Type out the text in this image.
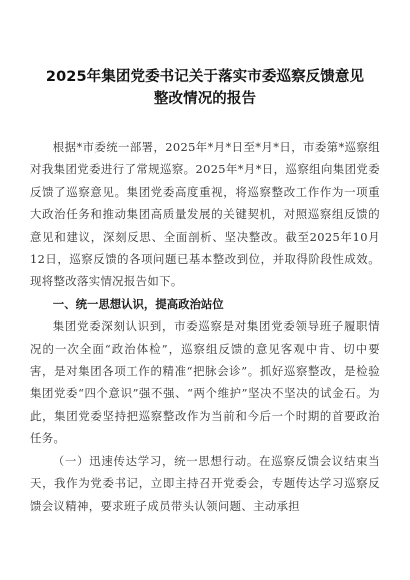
2025年集团党委书记关于落实市委巡察反馈意见
整改情况的报告

根据*市委统一部署，2025年*月*日至*月*日，市委第*巡察组对我集团党委进行了常规巡察。2025年*月*日，巡察组向集团党委反馈了巡察意见。集团党委高度重视，将巡察整改工作作为一项重大政治任务和推动集团高质量发展的关键契机，对照巡察组反馈的意见和建议，深刻反思、全面剖析、坚决整改。截至2025年10月12日，巡察反馈的各项问题已基本整改到位，并取得阶段性成效。现将整改落实情况报告如下。

一、统一思想认识，提高政治站位

集团党委深刻认识到，市委巡察是对集团党委领导班子履职情况的一次全面“政治体检”，巡察组反馈的意见客观中肯、切中要害，是对集团各项工作的精准“把脉会诊”。抓好巡察整改，是检验集团党委“四个意识”强不强、“两个维护”坚决不坚决的试金石。为此，集团党委坚持把巡察整改作为当前和今后一个时期的首要政治任务。

（一）迅速传达学习，统一思想行动。在巡察反馈会议结束当天，我作为党委书记，立即主持召开党委会，专题传达学习巡察反馈会议精神，要求班子成员带头认领问题、主动承担
